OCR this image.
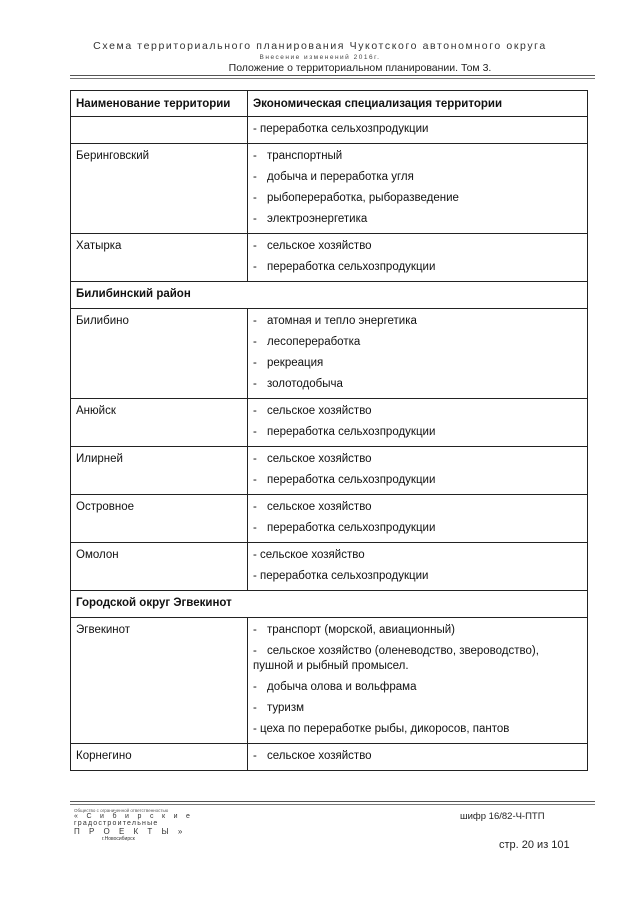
Схема территориального планирования Чукотского автономного округа
Внесение изменений 2016г.
Положение о территориальном планировании. Том 3.
Наименование территории	Экономическая специализация территории

	- переработка сельхозпродукции

Беринговский	- транспортный
- добыча и переработка угля
- рыбопереработка, рыборазведение
- электроэнергетика

Хатырка	- сельское хозяйство
- переработка сельхозпродукции

Билибинский район	
Билибино	- атомная и тепло энергетика
- лесопереработка
- рекреация
- золотодобыча

Анюйск	- сельское хозяйство
- переработка сельхозпродукции

Илирней	- сельское хозяйство
- переработка сельхозпродукции

Островное	- сельское хозяйство
- переработка сельхозпродукции

Омолон	- сельское хозяйство
- переработка сельхозпродукции

Городской округ Эгвекинот	
Эгвекинот	- транспорт (морской, авиационный)
- сельское хозяйство (оленеводство, звероводство), пушной и рыбный промысел.
- добыча олова и вольфрама
- туризм
- цеха по переработке рыбы, дикоросов, пантов

Корнегино	- сельское хозяйство
Общество с ограниченной ответственностью
« С и б и р с к и е
градостроительные
П Р О Е К Т Ы »
г.Новосибирск
шифр 16/82-Ч-ПТП
стр. 20 из 101
